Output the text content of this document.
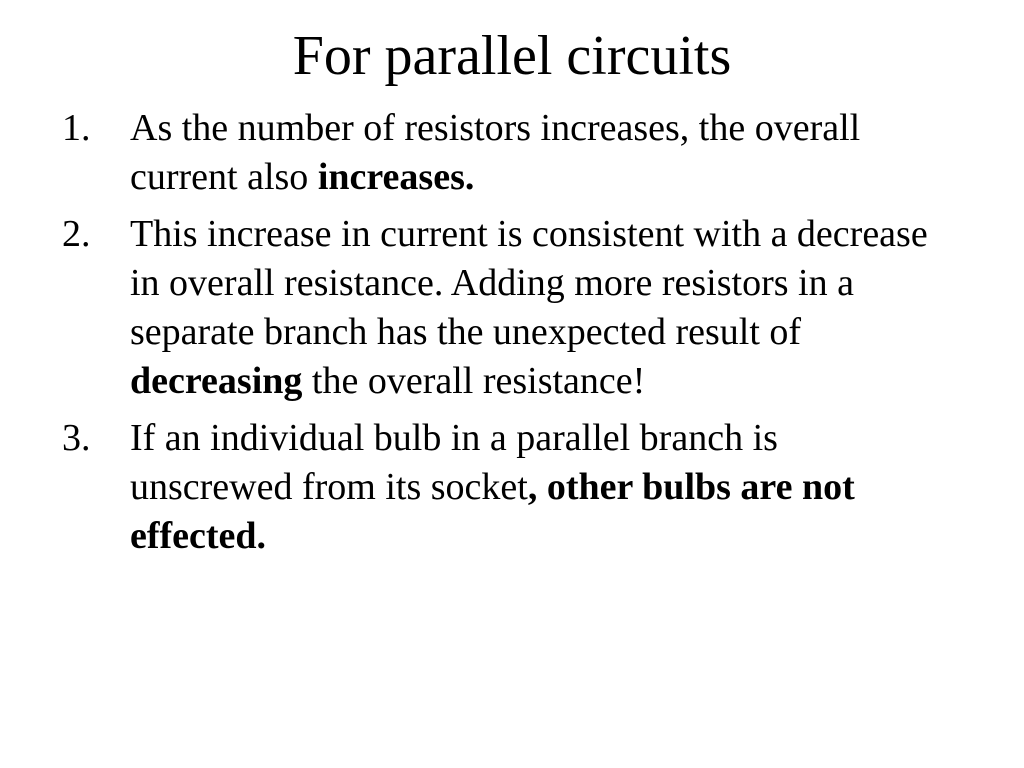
For parallel circuits
1. As the number of resistors increases, the overall current also increases.
2. This increase in current is consistent with a decrease in overall resistance. Adding more resistors in a separate branch has the unexpected result of decreasing the overall resistance!
3. If an individual bulb in a parallel branch is unscrewed from its socket, other bulbs are not effected.
